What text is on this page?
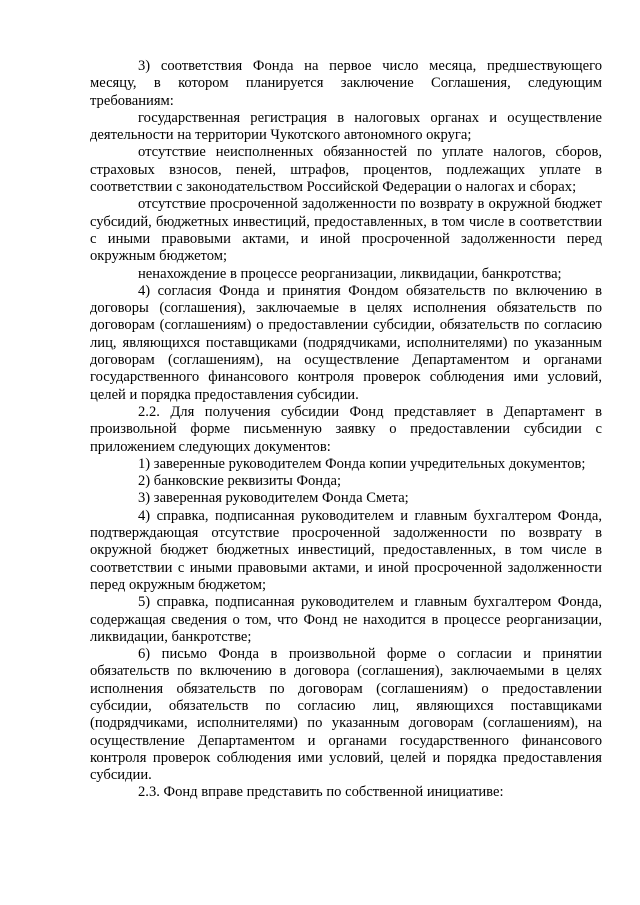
3) соответствия Фонда на первое число месяца, предшествующего месяцу, в котором планируется заключение Соглашения, следующим требованиям:

государственная регистрация в налоговых органах и осуществление деятельности на территории Чукотского автономного округа;

отсутствие неисполненных обязанностей по уплате налогов, сборов, страховых взносов, пеней, штрафов, процентов, подлежащих уплате в соответствии с законодательством Российской Федерации о налогах и сборах;

отсутствие просроченной задолженности по возврату в окружной бюджет субсидий, бюджетных инвестиций, предоставленных, в том числе в соответствии с иными правовыми актами, и иной просроченной задолженности перед окружным бюджетом;

ненахождение в процессе реорганизации, ликвидации, банкротства;

4) согласия Фонда и принятия Фондом обязательств по включению в договоры (соглашения), заключаемые в целях исполнения обязательств по договорам (соглашениям) о предоставлении субсидии, обязательств по согласию лиц, являющихся поставщиками (подрядчиками, исполнителями) по указанным договорам (соглашениям), на осуществление Департаментом и органами государственного финансового контроля проверок соблюдения ими условий, целей и порядка предоставления субсидии.

2.2. Для получения субсидии Фонд представляет в Департамент в произвольной форме письменную заявку о предоставлении субсидии с приложением следующих документов:

1) заверенные руководителем Фонда копии учредительных документов;

2) банковские реквизиты Фонда;

3) заверенная руководителем Фонда Смета;

4) справка, подписанная руководителем и главным бухгалтером Фонда, подтверждающая отсутствие просроченной задолженности по возврату в окружной бюджет бюджетных инвестиций, предоставленных, в том числе в соответствии с иными правовыми актами, и иной просроченной задолженности перед окружным бюджетом;

5) справка, подписанная руководителем и главным бухгалтером Фонда, содержащая сведения о том, что Фонд не находится в процессе реорганизации, ликвидации, банкротстве;

6) письмо Фонда в произвольной форме о согласии и принятии обязательств по включению в договора (соглашения), заключаемыми в целях исполнения обязательств по договорам (соглашениям) о предоставлении субсидии, обязательств по согласию лиц, являющихся поставщиками (подрядчиками, исполнителями) по указанным договорам (соглашениям), на осуществление Департаментом и органами государственного финансового контроля проверок соблюдения ими условий, целей и порядка предоставления субсидии.

2.3. Фонд вправе представить по собственной инициативе:
